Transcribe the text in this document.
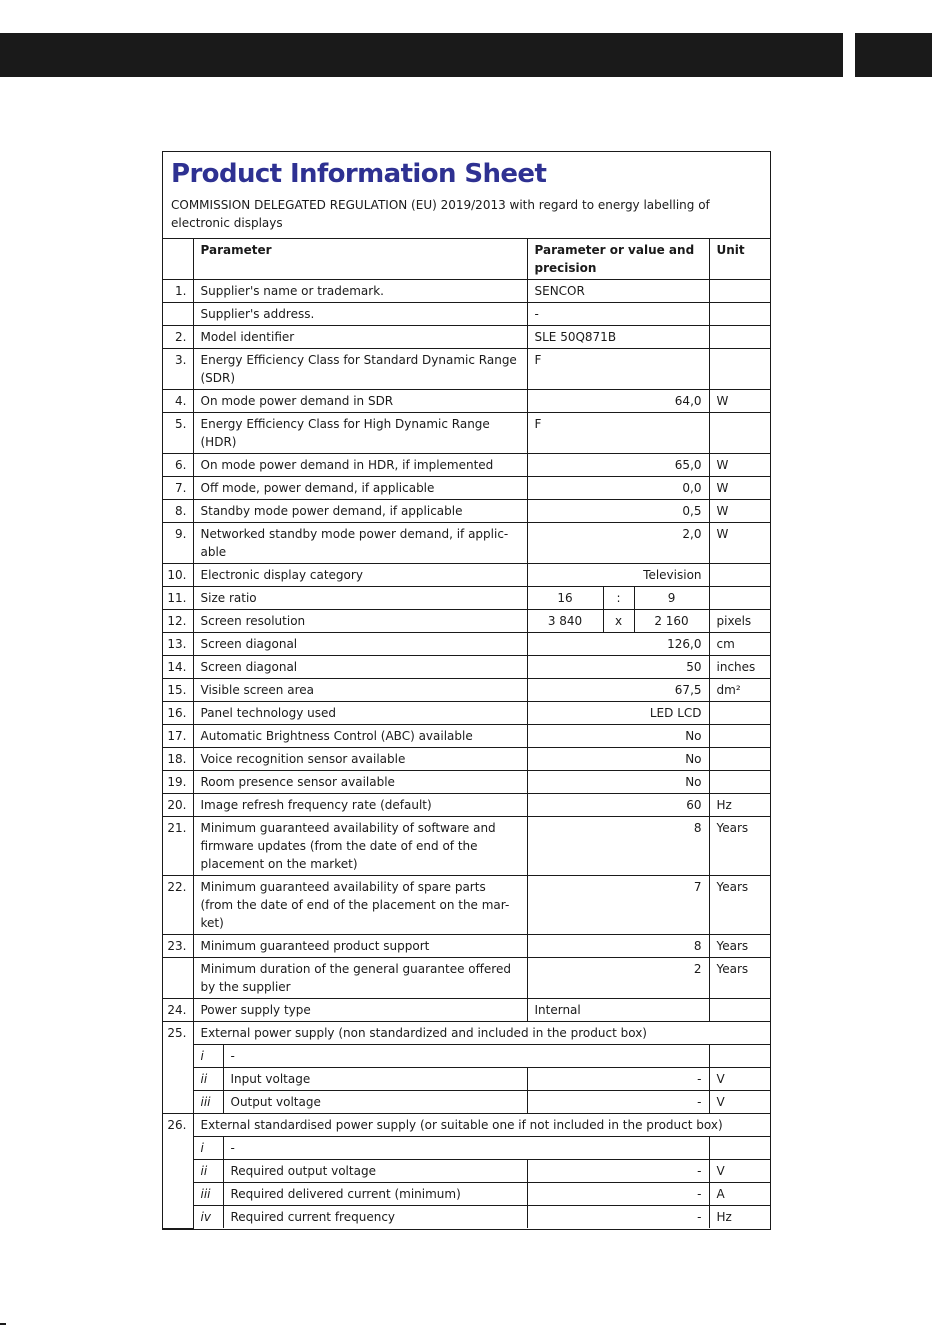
Product Information Sheet
COMMISSION DELEGATED REGULATION (EU) 2019/2013 with regard to energy labelling of electronic displays
	Parameter		Parameter or value and precision			Unit
1.	Supplier's name or trademark.		SENCOR			
	Supplier's address.		-			
2.	Model identifier		SLE 50Q871B			
3.	Energy Efficiency Class for Standard Dynamic Range (SDR)		F			
4.	On mode power demand in SDR		64,0			W
5.	Energy Efficiency Class for High Dynamic Range (HDR)		F			
6.	On mode power demand in HDR, if implemented		65,0			W
7.	Off mode, power demand, if applicable		0,0			W
8.	Standby mode power demand, if applicable		0,5			W
9.	Networked standby mode power demand, if applic-able		2,0			W
10.	Electronic display category		Television			
11.	Size ratio		16	:	9	
12.	Screen resolution		3 840	x	2 160	pixels
13.	Screen diagonal		126,0			cm
14.	Screen diagonal		50			inches
15.	Visible screen area		67,5			dm²
16.	Panel technology used		LED LCD			
17.	Automatic Brightness Control (ABC) available		No			
18.	Voice recognition sensor available		No			
19.	Room presence sensor available		No			
20.	Image refresh frequency rate (default)		60			Hz
21.	Minimum guaranteed availability of software and firmware updates (from the date of end of the placement on the market)		8			Years
22.	Minimum guaranteed availability of spare parts (from the date of end of the placement on the mar-ket)		7			Years
23.	Minimum guaranteed product support		8			Years
	Minimum duration of the general guarantee offered by the supplier		2			Years
24.	Power supply type		Internal			
25.	External power supply (non standardized and included in the product box)					
	i	-				
	ii	Input voltage	-			V
	iii	Output voltage	-			V
26.	External standardised power supply (or suitable one if not included in the product box)					
	i	-				
	ii	Required output voltage	-			V
	iii	Required delivered current (minimum)	-			A
	iv	Required current frequency	-			Hz
